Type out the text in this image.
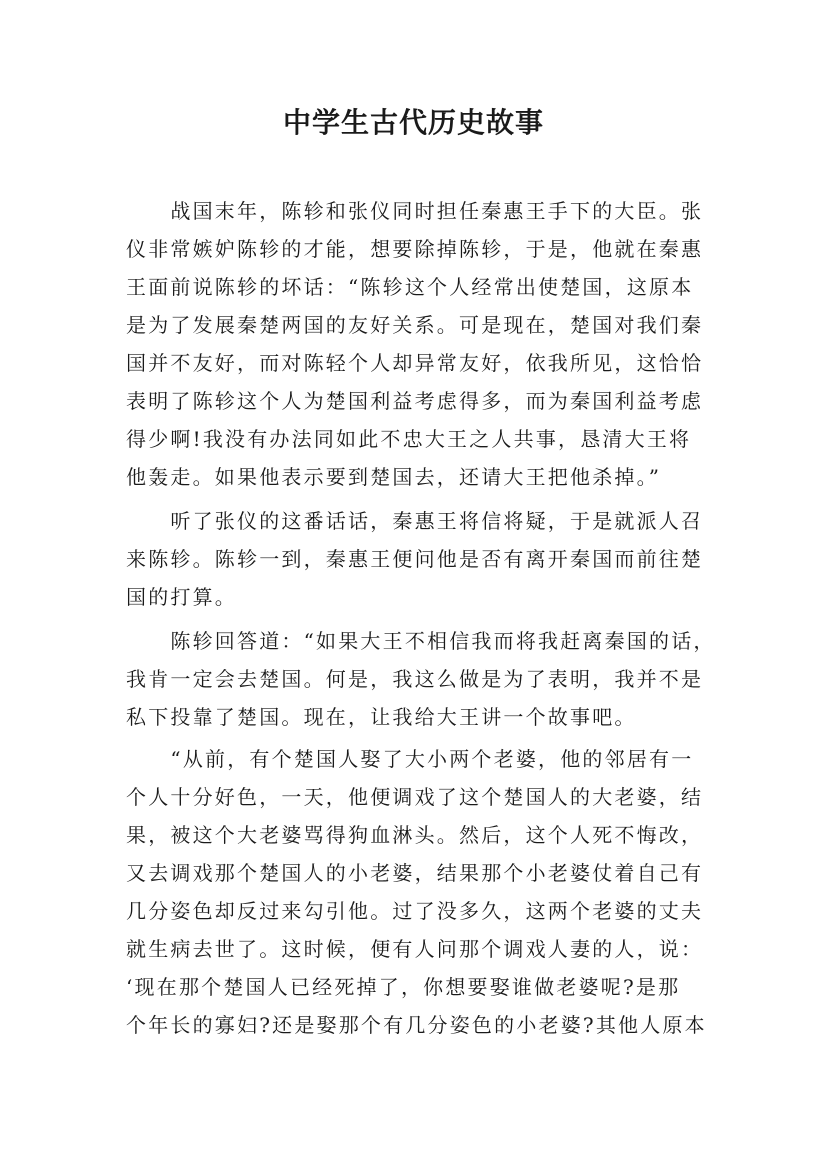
中学生古代历史故事

　　战国末年，陈轸和张仪同时担任秦惠王手下的大臣。张

仪非常嫉妒陈轸的才能，想要除掉陈轸，于是，他就在秦惠

王面前说陈轸的坏话：“陈轸这个人经常出使楚国，这原本

是为了发展秦楚两国的友好关系。可是现在，楚国对我们秦

国并不友好，而对陈轻个人却异常友好，依我所见，这恰恰

表明了陈轸这个人为楚国利益考虑得多，而为秦国利益考虑

得少啊!我没有办法同如此不忠大王之人共事，恳清大王将

他轰走。如果他表示要到楚国去，还请大王把他杀掉。”

　　听了张仪的这番话话，秦惠王将信将疑，于是就派人召

来陈轸。陈轸一到，秦惠王便问他是否有离开秦国而前往楚

国的打算。

　　陈轸回答道：“如果大王不相信我而将我赶离秦国的话，

我肯一定会去楚国。何是，我这么做是为了表明，我并不是

私下投靠了楚国。现在，让我给大王讲一个故事吧。

　　“从前，有个楚国人娶了大小两个老婆，他的邻居有一

个人十分好色，一天，他便调戏了这个楚国人的大老婆，结

果，被这个大老婆骂得狗血淋头。然后，这个人死不悔改，

又去调戏那个楚国人的小老婆，结果那个小老婆仗着自己有

几分姿色却反过来勾引他。过了没多久，这两个老婆的丈夫

就生病去世了。这时候，便有人问那个调戏人妻的人，说：

‘现在那个楚国人已经死掉了，你想要娶谁做老婆呢?是那

个年长的寡妇?还是娶那个有几分姿色的小老婆?其他人原本
